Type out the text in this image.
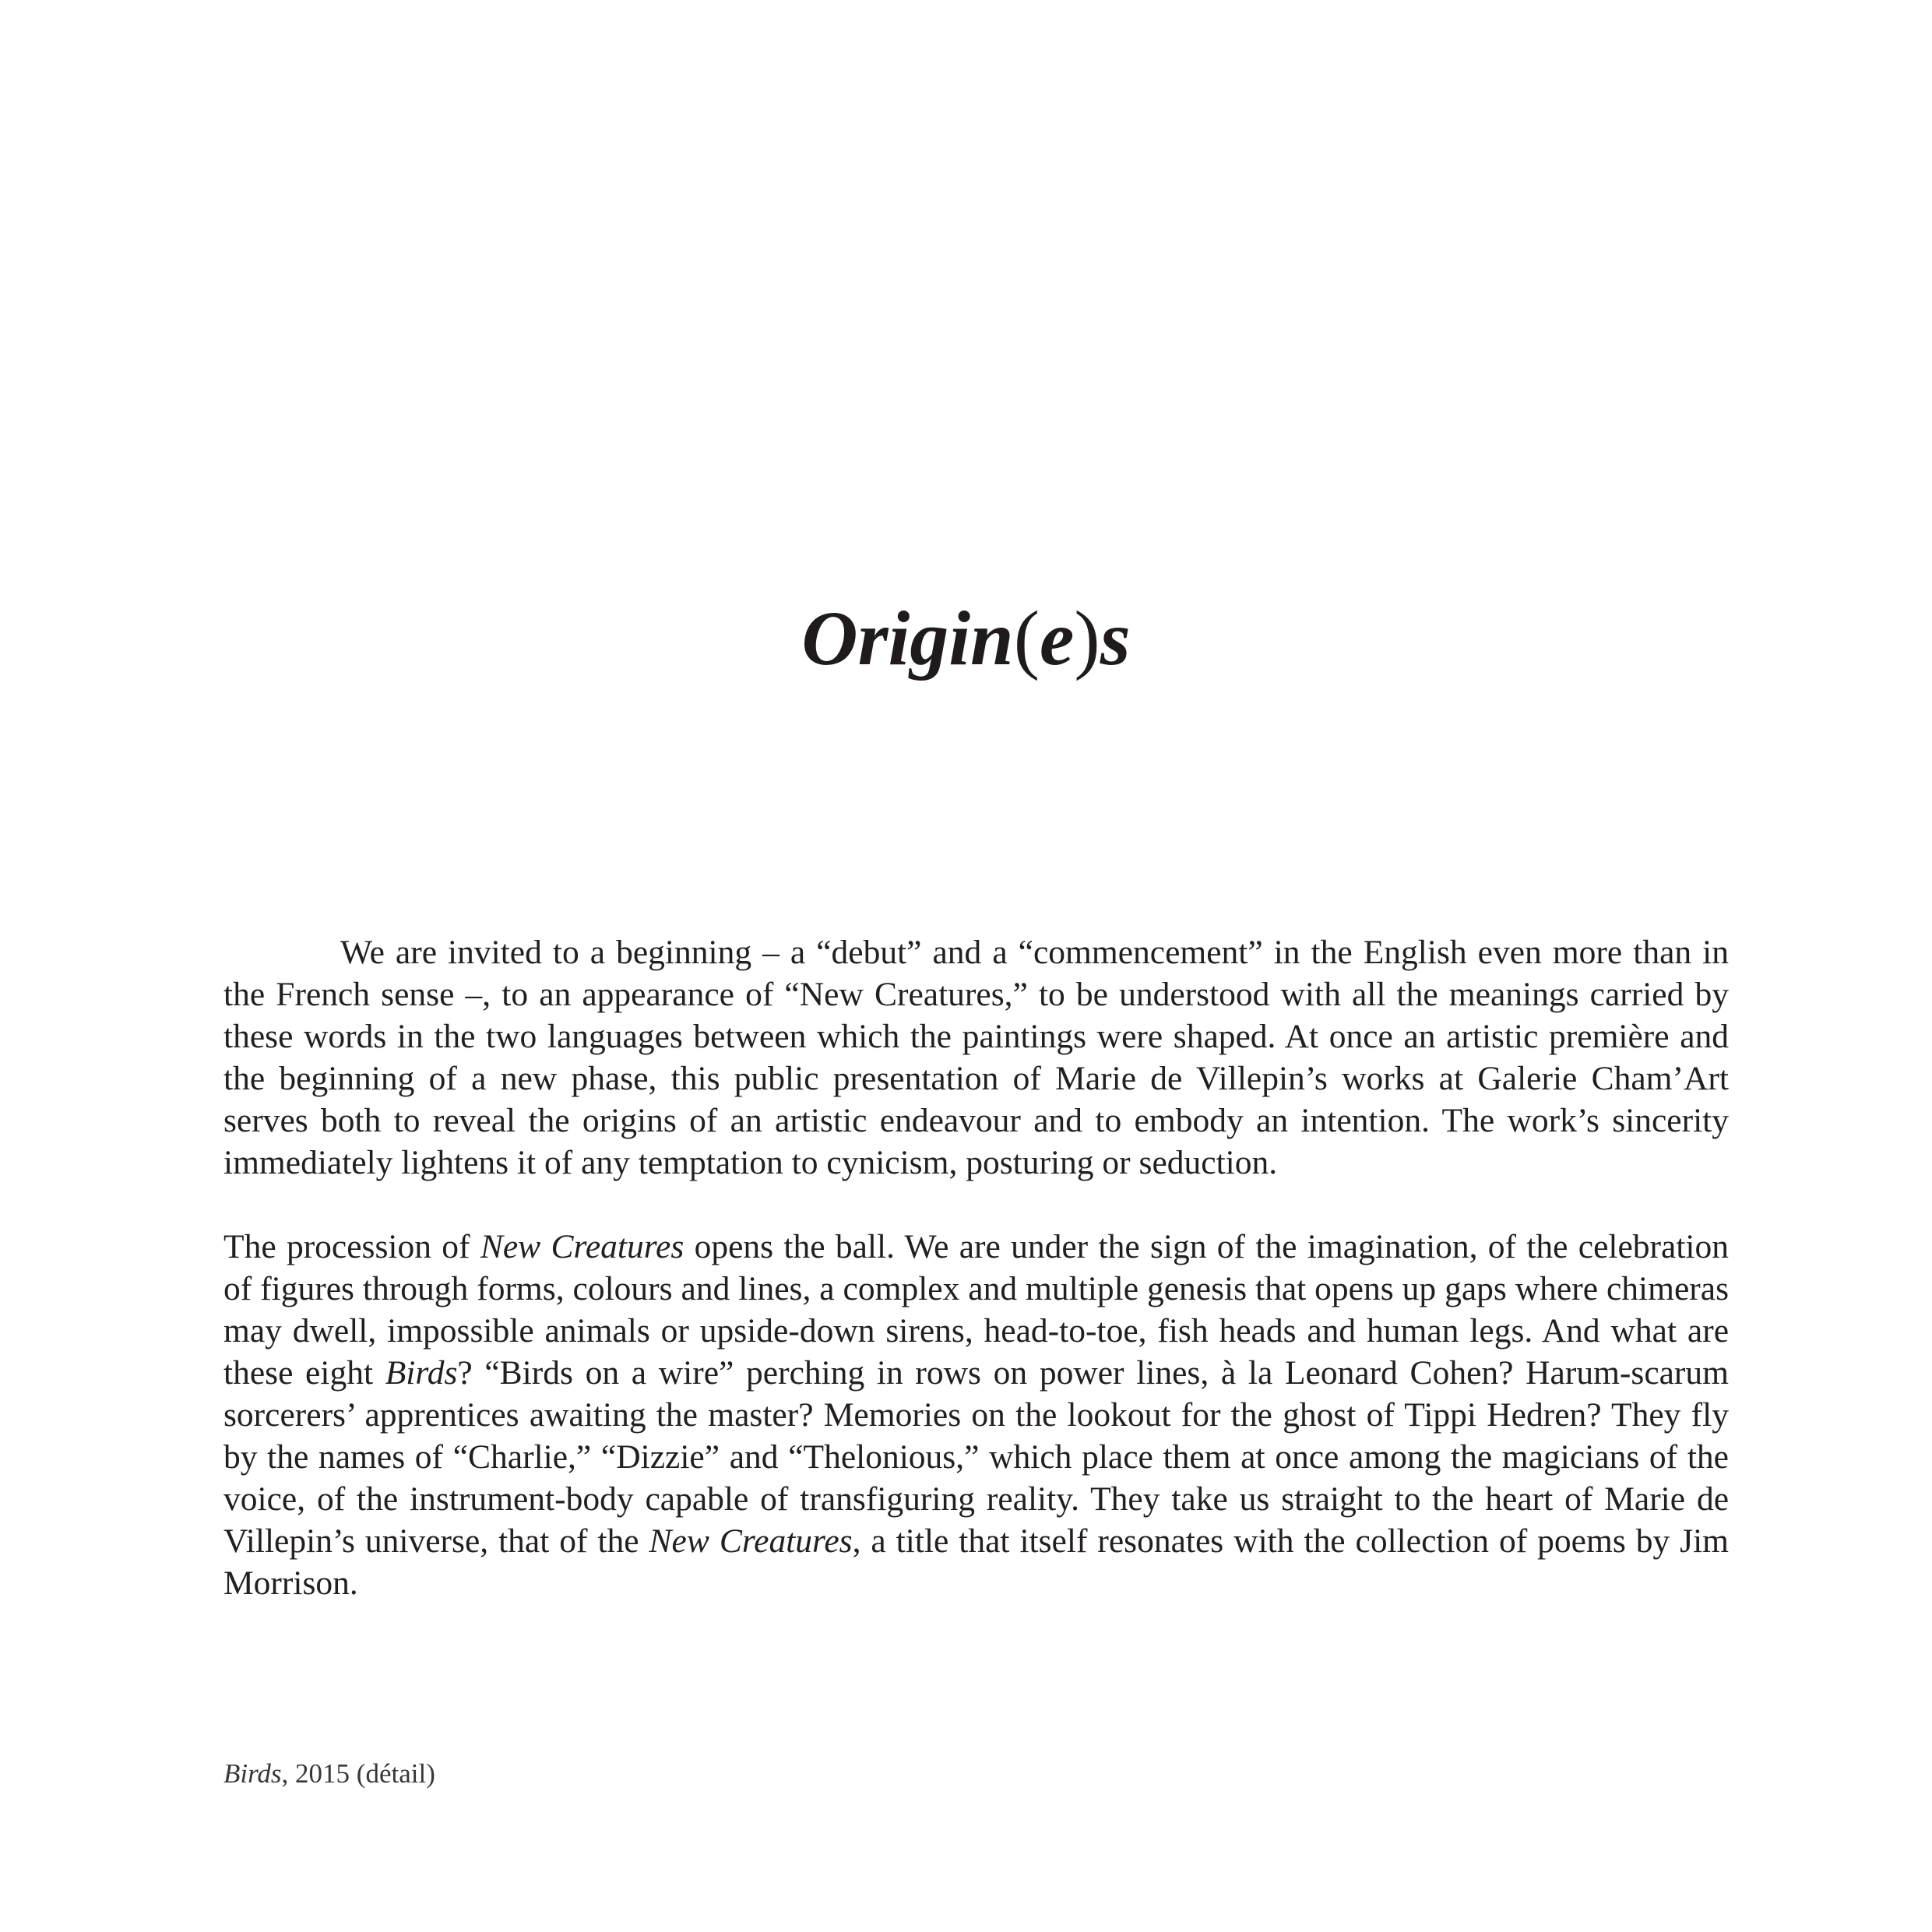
Origin(e)s

We are invited to a beginning – a “debut” and a “commencement” in the English even more than in the French sense –, to an appearance of “New Creatures,” to be understood with all the meanings carried by these words in the two languages between which the paintings were shaped. At once an artistic première and the beginning of a new phase, this public presentation of Marie de Villepin’s works at Galerie Cham’Art serves both to reveal the origins of an artistic endeavour and to embody an intention. The work’s sincerity immediately lightens it of any temptation to cynicism, posturing or seduction.

The procession of New Creatures opens the ball. We are under the sign of the imagination, of the celebration of figures through forms, colours and lines, a complex and multiple genesis that opens up gaps where chimeras may dwell, impossible animals or upside-down sirens, head-to-toe, fish heads and human legs. And what are these eight Birds? “Birds on a wire” perching in rows on power lines, à la Leonard Cohen? Harum-scarum sorcerers’ apprentices awaiting the master? Memories on the lookout for the ghost of Tippi Hedren? They fly by the names of “Charlie,” “Dizzie” and “Thelonious,” which place them at once among the magicians of the voice, of the instrument-body capable of transfiguring reality. They take us straight to the heart of Marie de Villepin’s universe, that of the New Creatures, a title that itself resonates with the collection of poems by Jim Morrison.

Birds, 2015 (détail)
